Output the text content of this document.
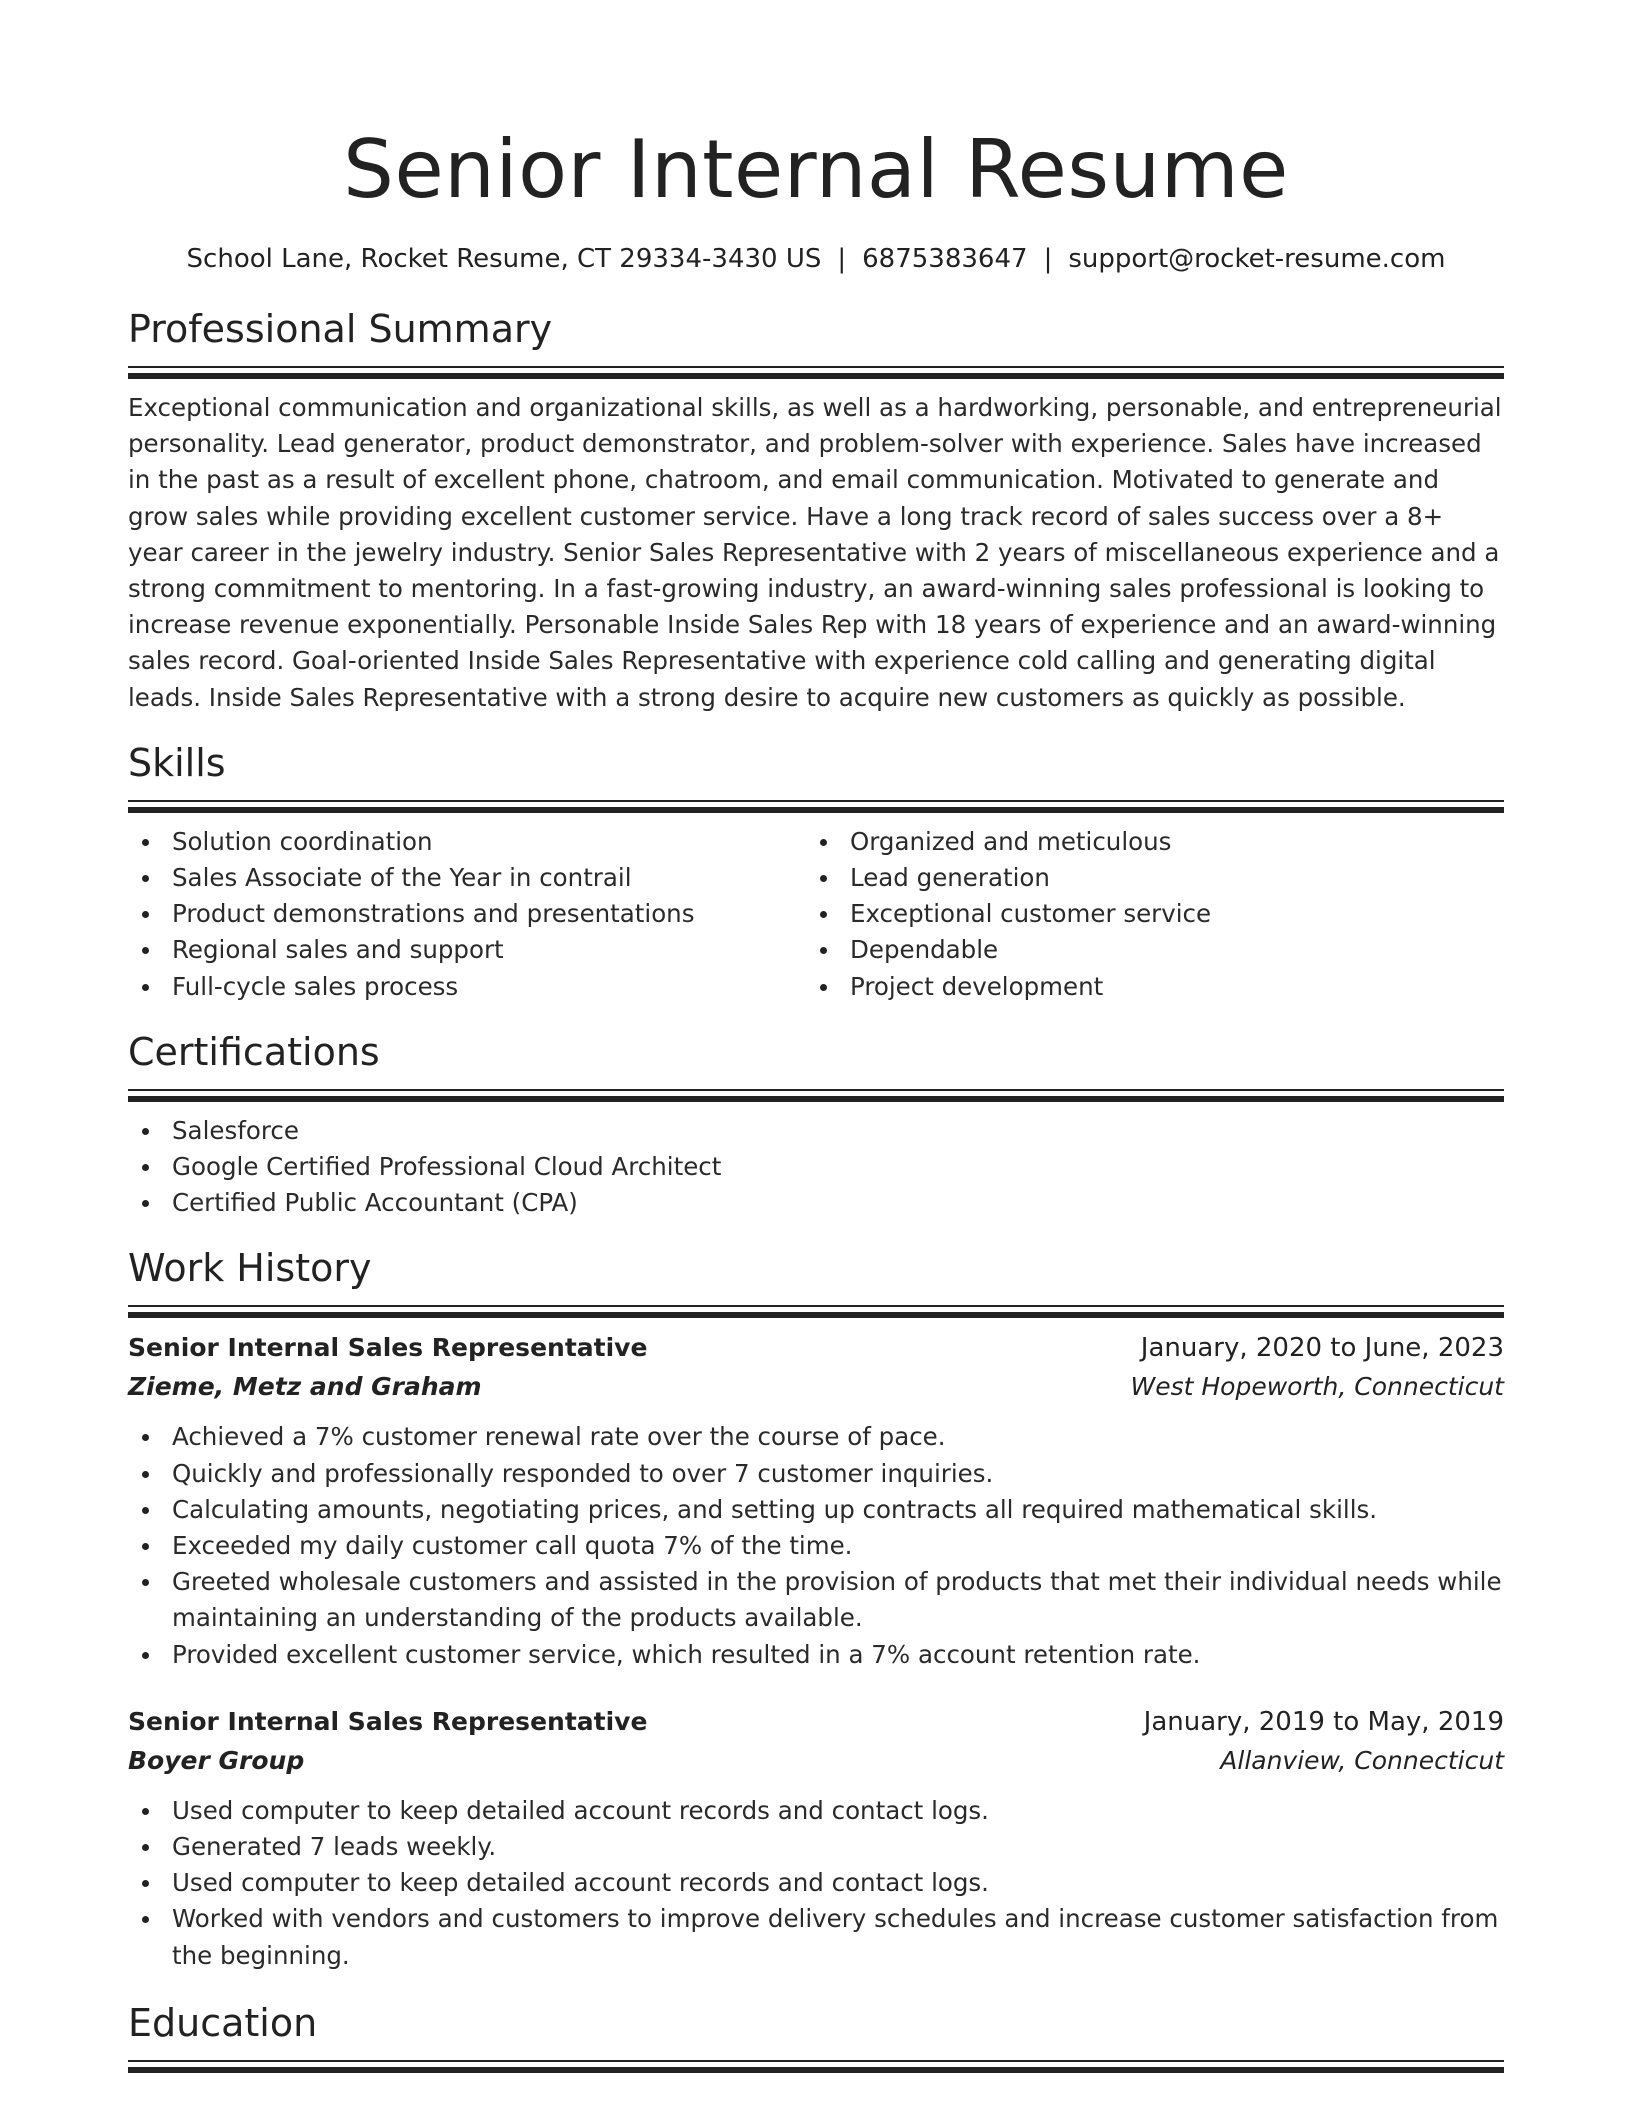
Senior Internal Resume
School Lane, Rocket Resume, CT 29334-3430 US | 6875383647 | support@rocket-resume.com
Professional Summary

Exceptional communication and organizational skills, as well as a hardworking, personable, and entrepreneurial personality. Lead generator, product demonstrator, and problem-solver with experience. Sales have increased in the past as a result of excellent phone, chatroom, and email communication. Motivated to generate and grow sales while providing excellent customer service. Have a long track record of sales success over a 8+ year career in the jewelry industry. Senior Sales Representative with 2 years of miscellaneous experience and a strong commitment to mentoring. In a fast-growing industry, an award-winning sales professional is looking to increase revenue exponentially. Personable Inside Sales Rep with 18 years of experience and an award-winning sales record. Goal-oriented Inside Sales Representative with experience cold calling and generating digital leads. Inside Sales Representative with a strong desire to acquire new customers as quickly as possible.

Skills
Solution coordination
Sales Associate of the Year in contrail
Product demonstrations and presentations
Regional sales and support
Full-cycle sales process
Organized and meticulous
Lead generation
Exceptional customer service
Dependable
Project development
Certifications
Salesforce
Google Certified Professional Cloud Architect
Certified Public Accountant (CPA)
Work History
Senior Internal Sales Representative	January, 2020 to June, 2023
Zieme, Metz and Graham	West Hopeworth, Connecticut
Achieved a 7% customer renewal rate over the course of pace.
Quickly and professionally responded to over 7 customer inquiries.
Calculating amounts, negotiating prices, and setting up contracts all required mathematical skills.
Exceeded my daily customer call quota 7% of the time.
Greeted wholesale customers and assisted in the provision of products that met their individual needs while maintaining an understanding of the products available.
Provided excellent customer service, which resulted in a 7% account retention rate.
Senior Internal Sales Representative	January, 2019 to May, 2019
Boyer Group	Allanview, Connecticut
Used computer to keep detailed account records and contact logs.
Generated 7 leads weekly.
Used computer to keep detailed account records and contact logs.
Worked with vendors and customers to improve delivery schedules and increase customer satisfaction from the beginning.
Education
